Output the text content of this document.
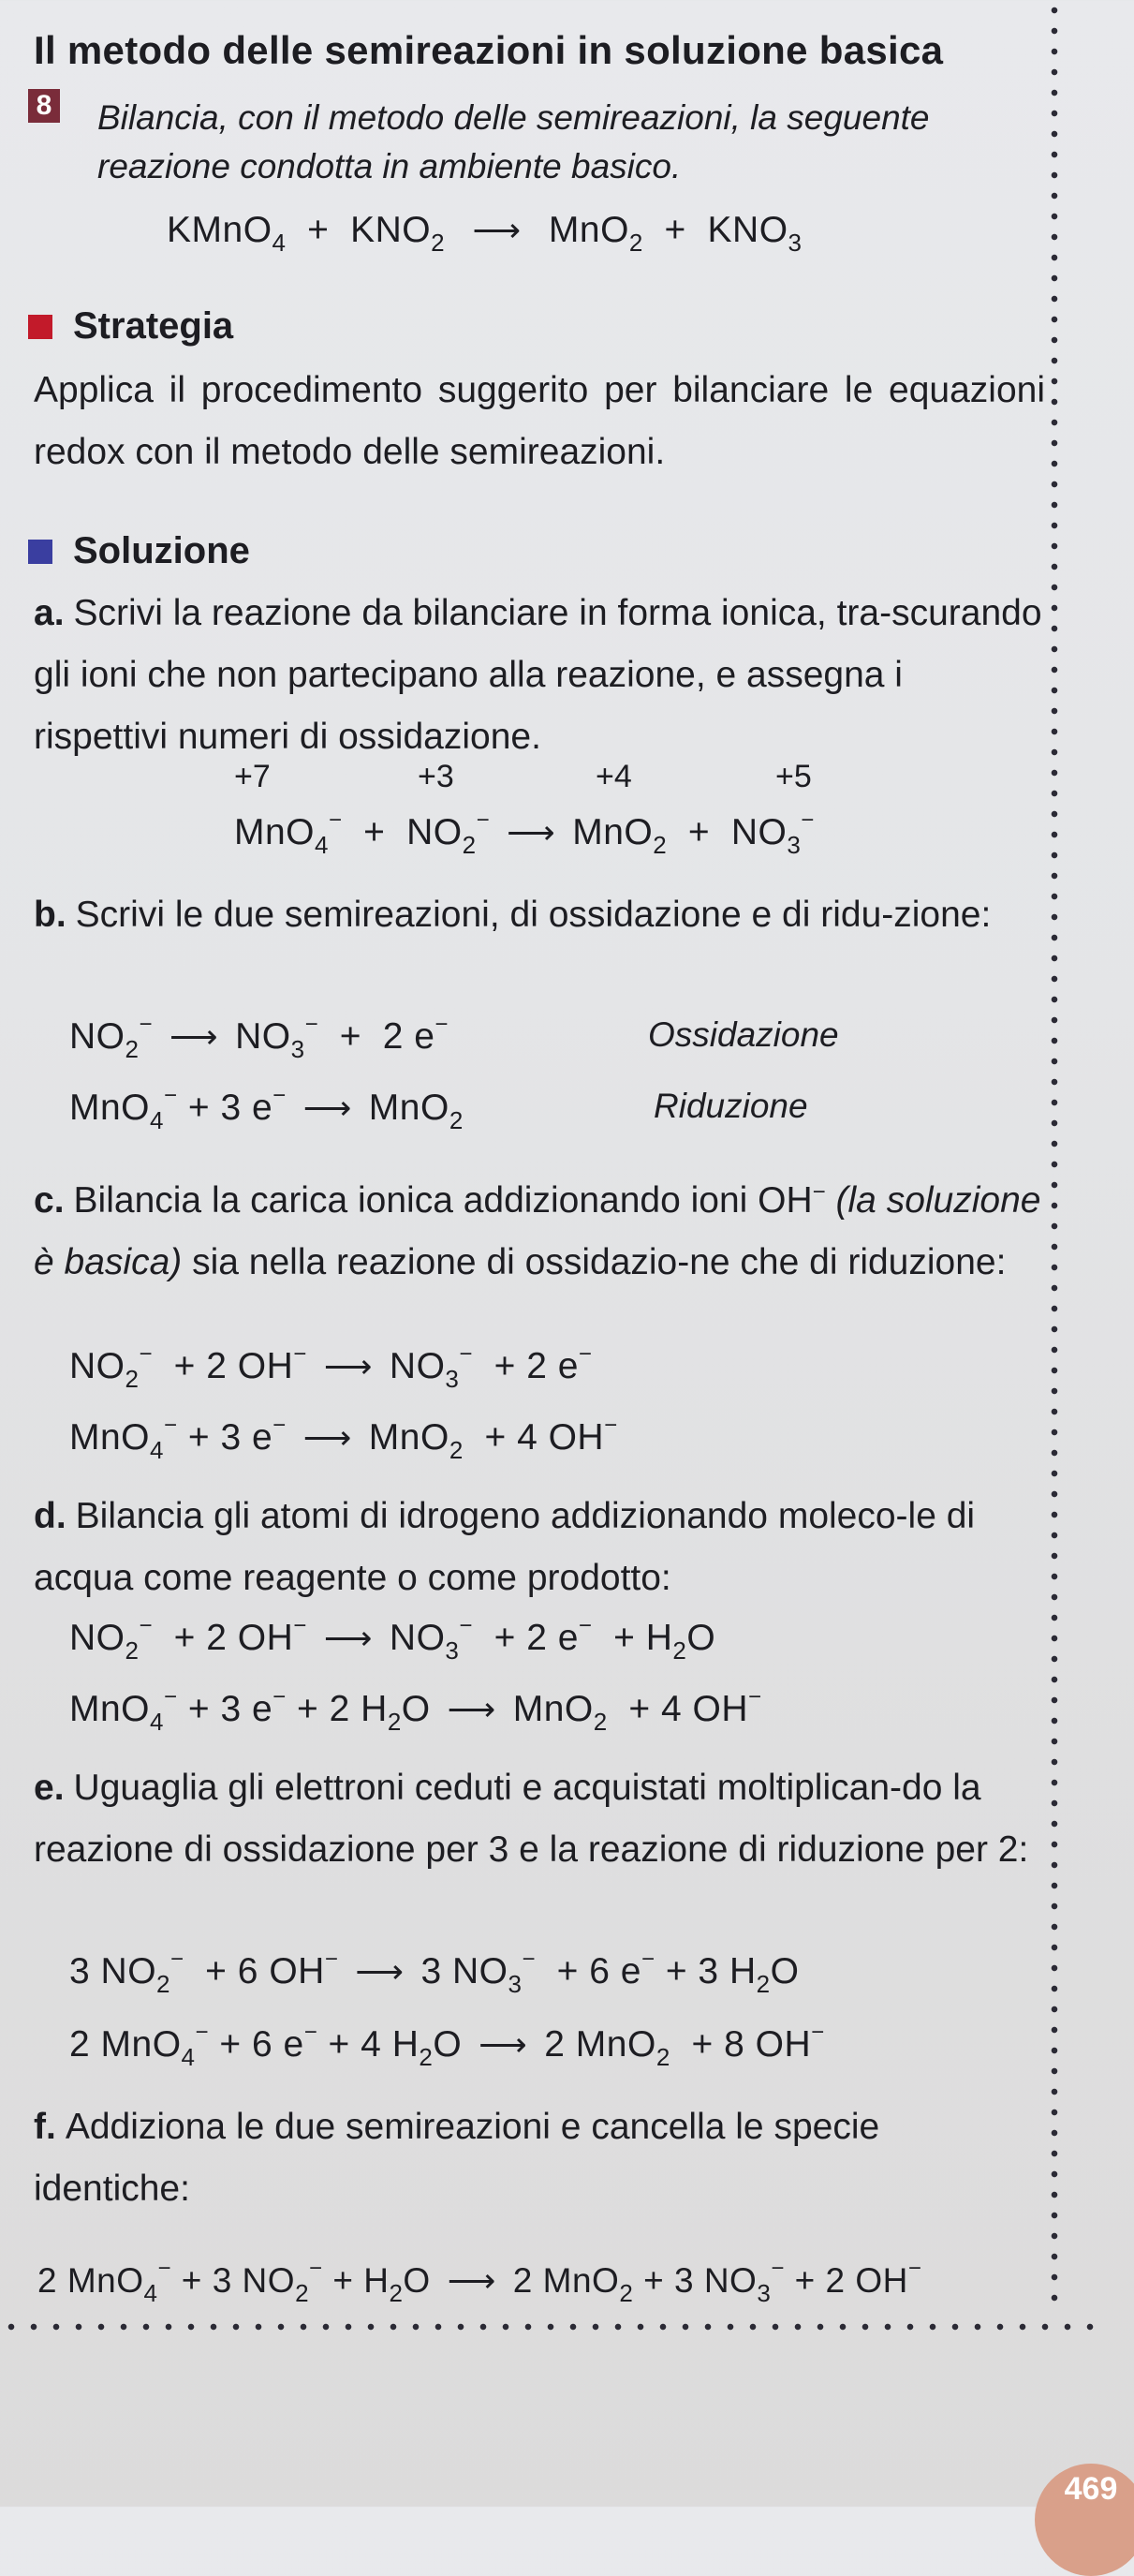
Il metodo delle semireazioni in soluzione basica
8 Bilancia, con il metodo delle semireazioni, la seguente reazione condotta in ambiente basico.
KMnO$_4$  +  $KNO_2$ ⟶ $MnO_2 + KNO_3$
Strategia
Applica il procedimento suggerito per bilanciare le equazioni redox con il metodo delle semireazioni.
Soluzione
a. Scrivi la reazione da bilanciare in forma ionica, tra-scurando gli ioni che non partecipano alla reazione, e assegna i rispettivi numeri di ossidazione.
+7	+3	+4	+5
$MnO_4^- + NO_2^-$ ⟶ $MnO_2 + NO_3^-$
b. Scrivi le due semireazioni, di ossidazione e di ridu-zione:
$NO_2^-$ ⟶ $NO_3^- + 2$ e−	Ossidazione
MnO$_4$− + 3 e− ⟶ MnO$_2$	Riduzione
c. Bilancia la carica ionica addizionando ioni OH− (la soluzione è basica) sia nella reazione di ossidazio-ne che di riduzione:
$NO_2^- + 2$ OH− ⟶ $NO_3^- + 2$ e−
MnO$_4$− + 3 e− ⟶ MnO$_2$  + 4 OH−
d. Bilancia gli atomi di idrogeno addizionando moleco-le di acqua come reagente o come prodotto:
$NO_2^- + 2$ OH− ⟶ $NO_3^- + 2$ $e^- + H_2O$
MnO$_4$− + 3 e− + 2 $H_2O$ ⟶ MnO$_2$  + 4 OH−
e. Uguaglia gli elettroni ceduti e acquistati moltiplican-do la reazione di ossidazione per 3 e la reazione di riduzione per 2:
3 $NO_2^- + 6$ OH− ⟶ 3 $NO_3^- + 6$ e− + 3 $H_2O$
2 MnO$_4$− + 6 e− + 4 $H_2O$ ⟶ 2 MnO$_2$  + 8 OH−
f. Addiziona le due semireazioni e cancella le specie identiche:
2 MnO$_4$− + 3 $NO_2^- + H_2O$ ⟶ 2 MnO$_2$ + 3 $NO_3^- + 2$ OH−
469
